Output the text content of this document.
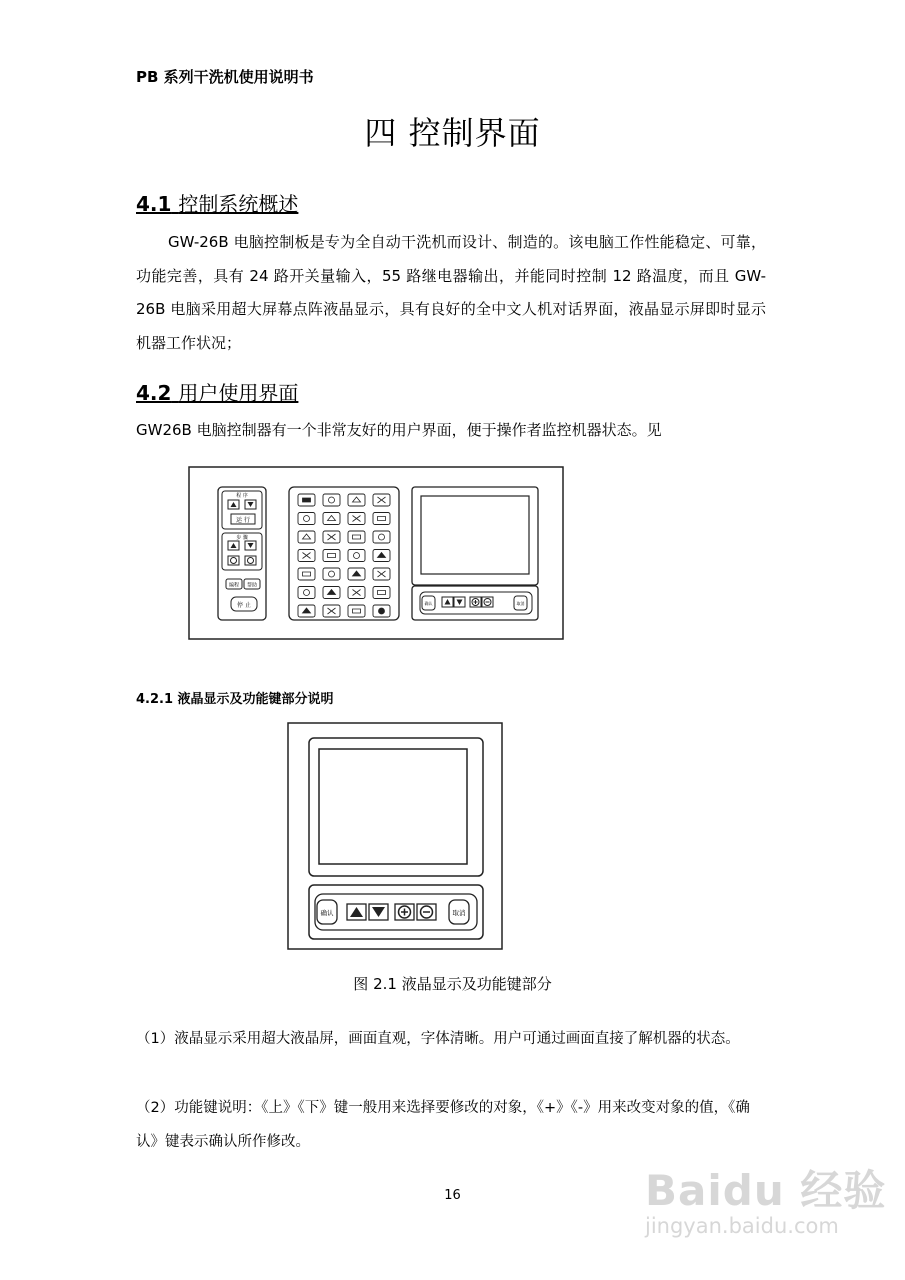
PB 系列干洗机使用说明书
四 控制界面
4.1 控制系统概述
GW-26B 电脑控制板是专为全自动干洗机而设计、制造的。该电脑工作性能稳定、可靠，功能完善，具有 24 路开关量输入，55 路继电器输出，并能同时控制 12 路温度，而且 GW-26B 电脑采用超大屏幕点阵液晶显示，具有良好的全中文人机对话界面，液晶显示屏即时显示机器工作状况；
4.2 用户使用界面
GW26B 电脑控制器有一个非常友好的用户界面，便于操作者监控机器状态。见
程 序
运 行
步 骤
编程 帮助
停 止	确认	取消
4.2.1 液晶显示及功能键部分说明
确认	取消
图 2.1 液晶显示及功能键部分
（1）液晶显示采用超大液晶屏，画面直观，字体清晰。用户可通过画面直接了解机器的状态。
（2）功能键说明：《上》《下》键一般用来选择要修改的对象，《+》《-》用来改变对象的值，《确认》键表示确认所作修改。
16	Baidu 经验
jingyan.baidu.com
